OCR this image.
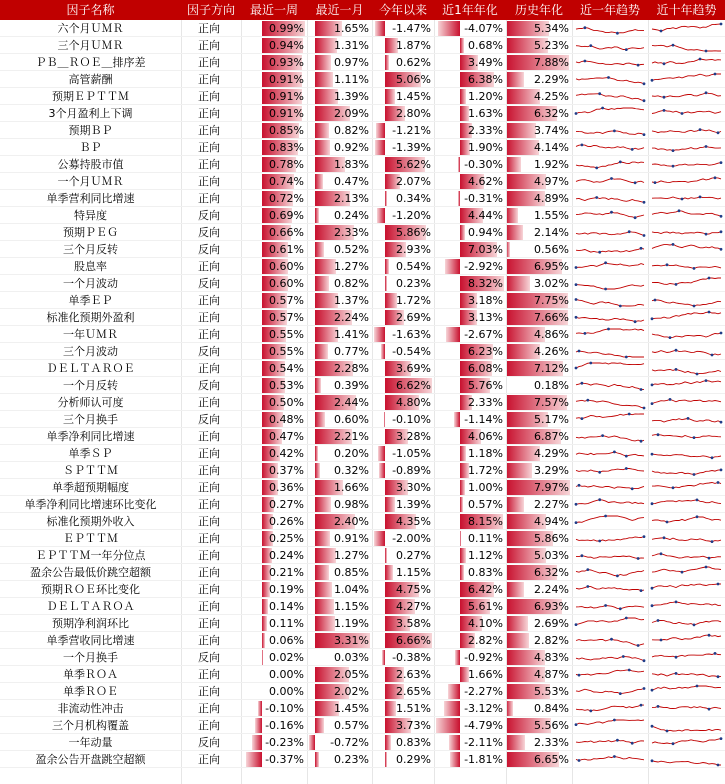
因子名称	因子方向	最近一周	最近一月	今年以来	近1年年化	历史年化	近一年趋势	近十年趋势
六个月ＵＭＲ	正向	0.99%	1.65%	-1.47%	-4.07%	5.34%
三个月ＵＭＲ	正向	0.94%	1.31%	1.87%	0.68%	5.23%
ＰＢ＿ＲＯＥ＿排序差	正向	0.93%	0.97%	0.62%	3.49%	7.88%
高管薪酬	正向	0.91%	1.11%	5.06%	6.38%	2.29%
预期ＥＰＴＴＭ	正向	0.91%	1.39%	1.45%	1.20%	4.25%
3个月盈利上下调	正向	0.91%	2.09%	2.80%	1.63%	6.32%
预期ＢＰ	正向	0.85%	0.82%	-1.21%	2.33%	3.74%
ＢＰ	正向	0.83%	0.92%	-1.39%	1.90%	4.14%
公募持股市值	正向	0.78%	1.83%	5.62%	-0.30%	1.92%
一个月ＵＭＲ	正向	0.74%	0.47%	2.07%	4.62%	4.97%
单季营利同比增速	正向	0.72%	2.13%	0.34%	-0.31%	4.89%
特异度	反向	0.69%	0.24%	-1.20%	4.44%	1.55%
预期ＰＥＧ	反向	0.66%	2.33%	5.86%	0.94%	2.14%
三个月反转	反向	0.61%	0.52%	2.93%	7.03%	0.56%
股息率	正向	0.60%	1.27%	0.54%	-2.92%	6.95%
一个月波动	反向	0.60%	0.82%	0.23%	8.32%	3.02%
单季ＥＰ	正向	0.57%	1.37%	1.72%	3.18%	7.75%
标准化预期外盈利	正向	0.57%	2.24%	2.69%	3.13%	7.66%
一年ＵＭＲ	正向	0.55%	1.41%	-1.63%	-2.67%	4.86%
三个月波动	反向	0.55%	0.77%	-0.54%	6.23%	4.26%
ＤＥＬＴＡＲＯＥ	正向	0.54%	2.28%	3.69%	6.08%	7.12%
一个月反转	反向	0.53%	0.39%	6.62%	5.76%	0.18%
分析师认可度	正向	0.50%	2.44%	4.80%	2.33%	7.57%
三个月换手	反向	0.48%	0.60%	-0.10%	-1.14%	5.17%
单季净利同比增速	正向	0.47%	2.21%	3.28%	4.06%	6.87%
单季ＳＰ	正向	0.42%	0.20%	-1.05%	1.18%	4.29%
ＳＰＴＴＭ	正向	0.37%	0.32%	-0.89%	1.72%	3.29%
单季超预期幅度	正向	0.36%	1.66%	3.30%	1.00%	7.97%
单季净利同比增速环比变化	正向	0.27%	0.98%	1.39%	0.57%	2.27%
标准化预期外收入	正向	0.26%	2.40%	4.35%	8.15%	4.94%
ＥＰＴＴＭ	正向	0.25%	0.91%	-2.00%	0.11%	5.86%
ＥＰＴＴＭ一年分位点	正向	0.24%	1.27%	0.27%	1.12%	5.03%
盈余公告最低价跳空超额	正向	0.21%	0.85%	1.15%	0.83%	6.32%
预期ＲＯＥ环比变化	正向	0.19%	1.04%	4.75%	6.42%	2.24%
ＤＥＬＴＡＲＯＡ	正向	0.14%	1.15%	4.27%	5.61%	6.93%
预期净利润环比	正向	0.11%	1.19%	3.58%	4.10%	2.69%
单季营收同比增速	正向	0.06%	3.31%	6.66%	2.82%	2.82%
一个月换手	反向	0.02%	0.03%	-0.38%	-0.92%	4.83%
单季ＲＯＡ	正向	0.00%	2.05%	2.63%	1.66%	4.87%
单季ＲＯＥ	正向	0.00%	2.02%	2.65%	-2.27%	5.53%
非流动性冲击	正向	-0.10%	1.45%	1.51%	-3.12%	0.84%
三个月机构覆盖	正向	-0.16%	0.57%	3.73%	-4.79%	5.56%
一年动量	反向	-0.23%	-0.72%	0.83%	-2.11%	2.33%
盈余公告开盘跳空超额	正向	-0.37%	0.23%	0.29%	-1.81%	6.65%
